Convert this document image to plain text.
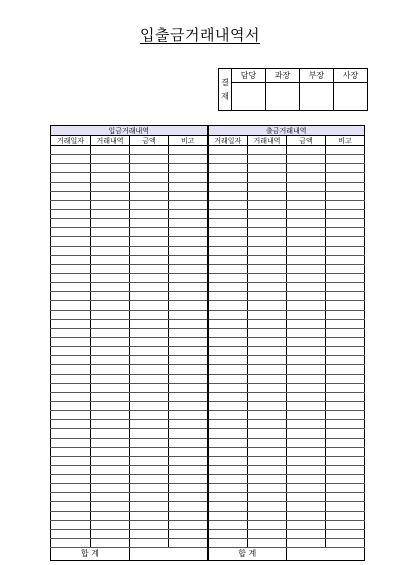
입출금거래내역서
결
재	담당	과장	부장	사장

입금거래내역				출금거래내역			
거래일자	거래내역	금액	비고	거래일자	거래내역	금액	비고

합 계				합 계			
